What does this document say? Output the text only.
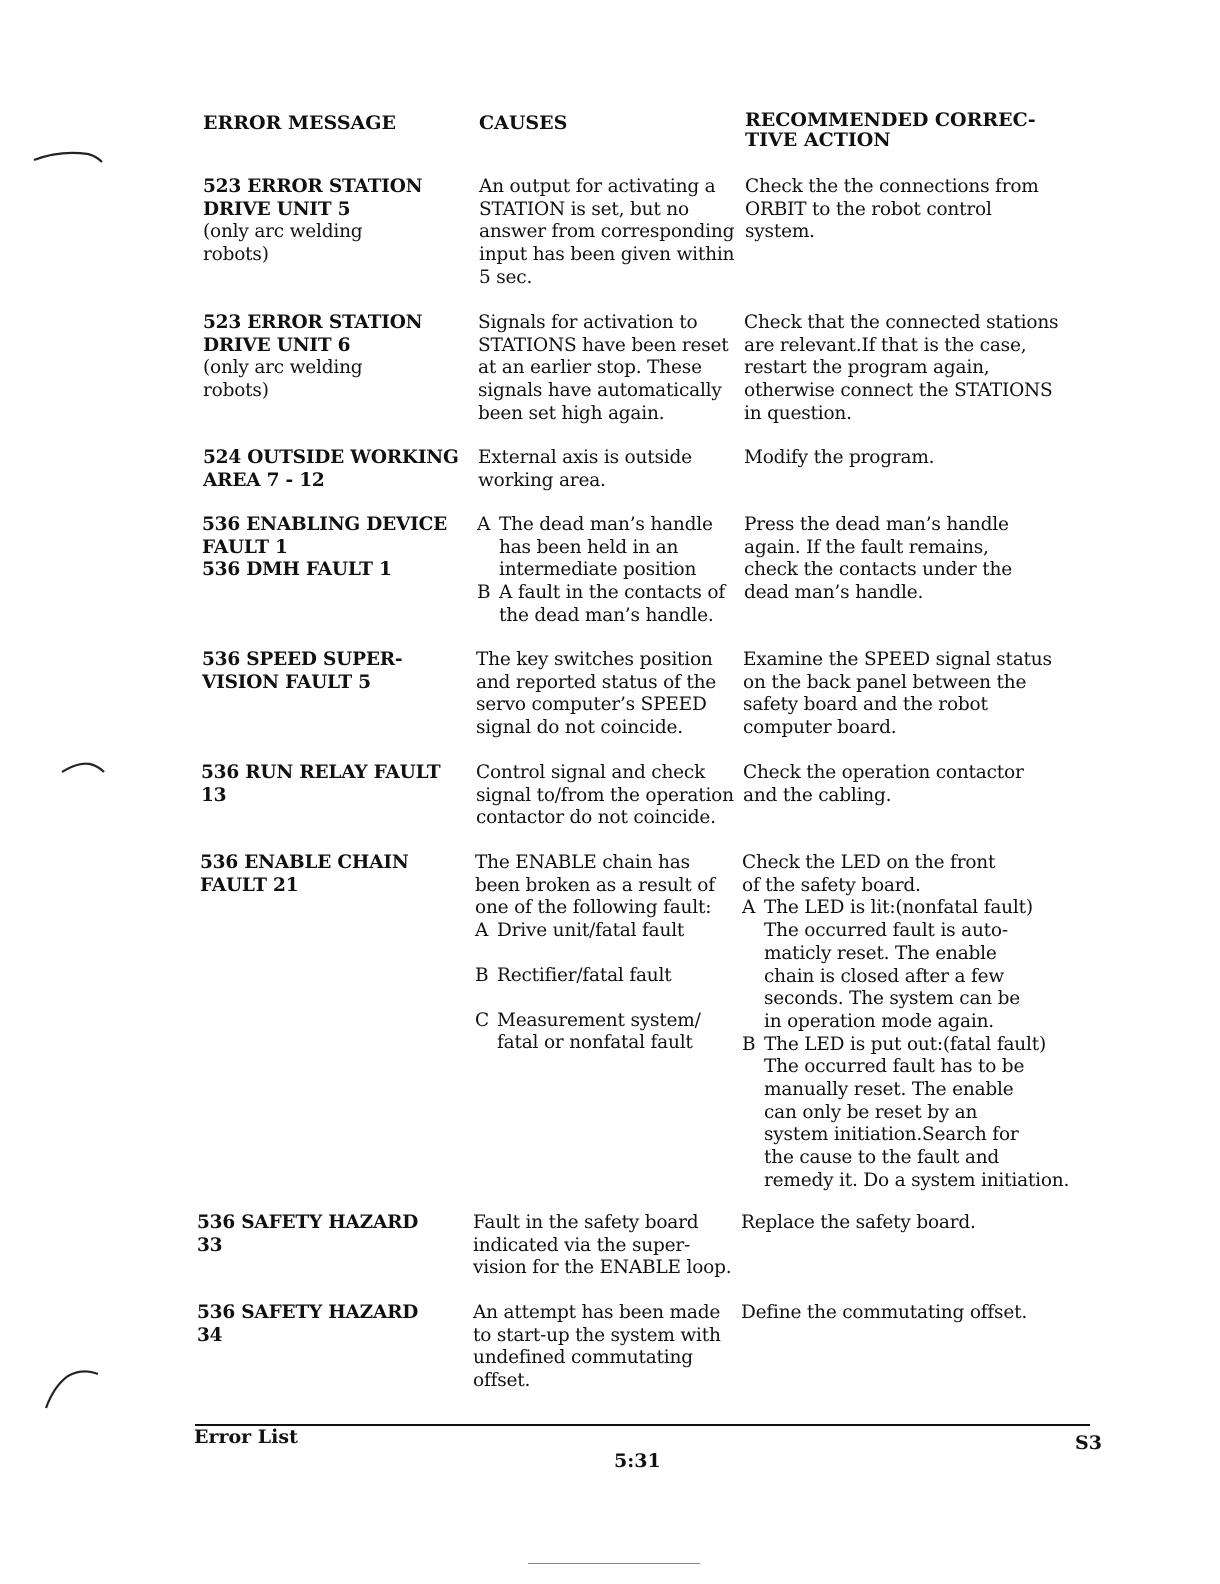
ERROR MESSAGE	CAUSES	RECOMMENDED CORREC-
TIVE ACTION
523 ERROR STATION
DRIVE UNIT 5
(only arc welding
robots)
An output for activating a
STATION is set, but no
answer from corresponding
input has been given within
5 sec.
Check the the connections from
ORBIT to the robot control
system.
523 ERROR STATION
DRIVE UNIT 6
(only arc welding
robots)
Signals for activation to
STATIONS have been reset
at an earlier stop. These
signals have automatically
been set high again.
Check that the connected stations
are relevant.If that is the case,
restart the program again,
otherwise connect the STATIONS
in question.
524 OUTSIDE WORKING
AREA 7 - 12
External axis is outside
working area.
Modify the program.
536 ENABLING DEVICE
FAULT 1
536 DMH FAULT 1
A The dead man’s handle
has been held in an
intermediate position
B A fault in the contacts of
the dead man’s handle.
Press the dead man’s handle
again. If the fault remains,
check the contacts under the
dead man’s handle.
536 SPEED SUPER-
VISION FAULT 5
The key switches position
and reported status of the
servo computer’s SPEED
signal do not coincide.
Examine the SPEED signal status
on the back panel between the
safety board and the robot
computer board.
536 RUN RELAY FAULT
13
Control signal and check
signal to/from the operation
contactor do not coincide.
Check the operation contactor
and the cabling.
536 ENABLE CHAIN
FAULT 21
The ENABLE chain has
been broken as a result of
one of the following fault:
A Drive unit/fatal fault
B Rectifier/fatal fault
C Measurement system/
fatal or nonfatal fault
Check the LED on the front
of the safety board.
A The LED is lit:(nonfatal fault)
The occurred fault is auto-
maticly reset. The enable
chain is closed after a few
seconds. The system can be
in operation mode again.
B The LED is put out:(fatal fault)
The occurred fault has to be
manually reset. The enable
can only be reset by an
system initiation.Search for
the cause to the fault and
remedy it. Do a system initiation.
536 SAFETY HAZARD
33
Fault in the safety board
indicated via the super-
vision for the ENABLE loop.
Replace the safety board.
536 SAFETY HAZARD
34
An attempt has been made
to start-up the system with
undefined commutating
offset.
Define the commutating offset.
Error List
5:31
S3
